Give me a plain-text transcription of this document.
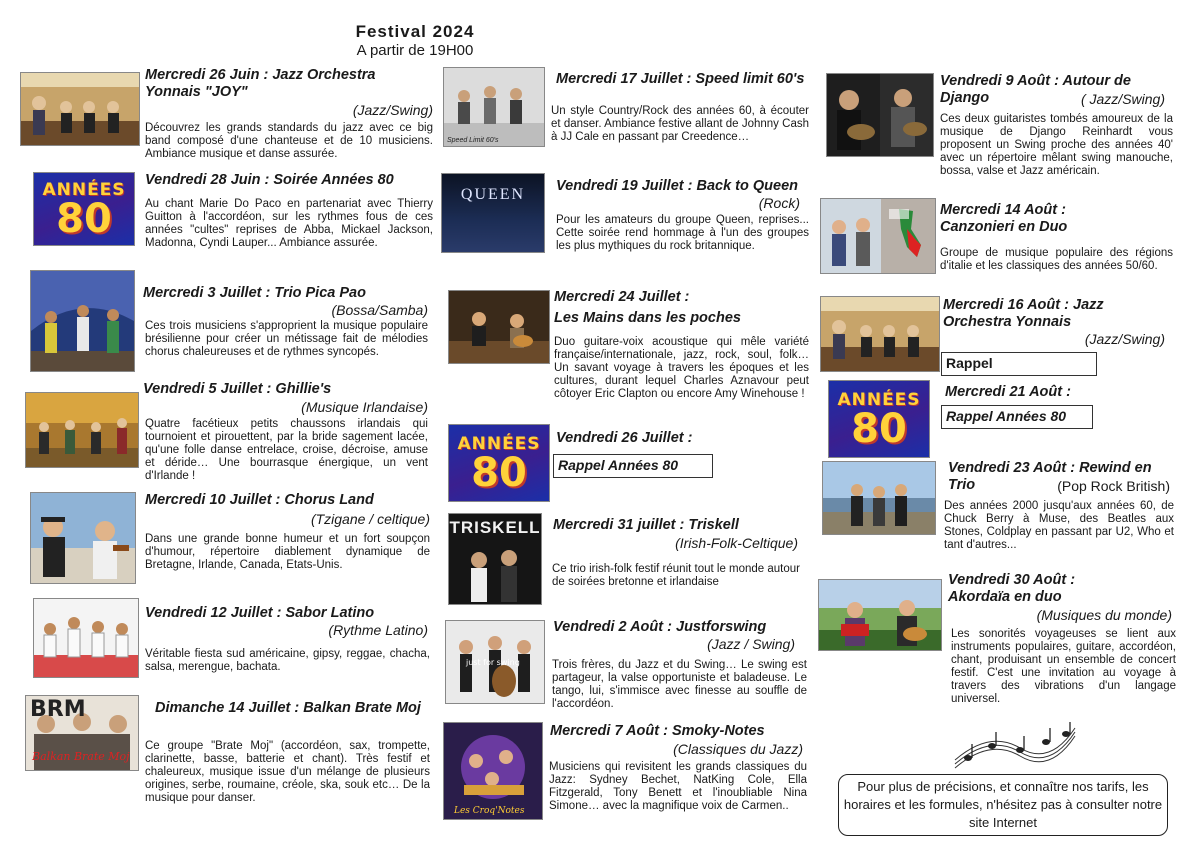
Festival 2024
A partir de 19H00
Mercredi 26 Juin : Jazz Orchestra Yonnais "JOY"
(Jazz/Swing)
Découvrez les grands standards du jazz avec ce big band composé d'une chanteuse et de 10 musiciens. Ambiance musique et danse assurée.
ANNÉES
80
Vendredi 28 Juin : Soirée Années 80
Au chant Marie Do Paco en partenariat avec Thierry Guitton à l'accordéon, sur les rythmes fous de ces années "cultes" reprises de Abba, Mickael Jackson, Madonna, Cyndi Lauper... Ambiance assurée.
Mercredi 3 Juillet : Trio Pica Pao
(Bossa/Samba)
Ces trois musiciens s'approprient la musique populaire brésilienne pour créer un métissage fait de mélodies chorus chaleureuses et de rythmes syncopés.
Vendredi 5 Juillet : Ghillie's
(Musique Irlandaise)
Quatre facétieux petits chaussons irlandais qui tournoient et pirouettent, par la bride sagement lacée, qu'une folle danse entrelace, croise, décroise, amuse et déride… Une bourrasque énergique, un vent d'Irlande !
Mercredi 10 Juillet : Chorus Land
(Tzigane / celtique)
Dans une grande bonne humeur et un fort soupçon d'humour, répertoire diablement dynamique de Bretagne, Irlande, Canada, Etats-Unis.
Vendredi 12 Juillet : Sabor Latino
(Rythme Latino)
Véritable fiesta sud américaine, gipsy, reggae, chacha, salsa, merengue, bachata.
BRM
Balkan Brate Moj
Dimanche 14 Juillet : Balkan Brate Moj
Ce groupe "Brate Moj" (accordéon, sax, trompette, clarinette, basse, batterie et chant). Très festif et chaleureux, musique issue d'un mélange de plusieurs origines, serbe, roumaine, créole, ska, souk etc… De la musique pour danser.
Speed Limit 60's
Mercredi 17 Juillet : Speed limit 60's
Un style Country/Rock des années 60, à écouter et danser. Ambiance festive allant de Johnny Cash à JJ Cale en passant par Creedence…
QUEEN Vendredi 19 Juillet : Back to Queen
(Rock)
Pour les amateurs du groupe Queen, reprises... Cette soirée rend hommage à l'un des groupes les plus mythiques du rock britannique.
Mercredi 24 Juillet :
Les Mains dans les poches
Duo guitare-voix acoustique qui mêle variété française/internationale, jazz, rock, soul, folk… Un savant voyage à travers les époques et les cultures, durant lequel Charles Aznavour peut côtoyer Eric Clapton ou encore Amy Winehouse !
ANNÉES
80
Vendredi 26 Juillet :
Rappel Années 80
TRISKELL Mercredi 31 juillet : Triskell
(Irish-Folk-Celtique)
Ce trio irish-folk festif réunit tout le monde autour de soirées bretonne et irlandaise
just for swing
Vendredi 2 Août : Justforswing
(Jazz / Swing)
Trois frères, du Jazz et du Swing… Le swing est partageur, la valse opportuniste et baladeuse. Le tango, lui, s'immisce avec finesse au souffle de l'accordéon.
Les Croq'Notes
Mercredi 7 Août : Smoky-Notes
(Classiques du Jazz)
Musiciens qui revisitent les grands classiques du Jazz: Sydney Bechet, NatKing Cole, Ella Fitzgerald, Tony Benett et l'inoubliable Nina Simone… avec la magnifique voix de Carmen..
Vendredi 9 Août : Autour de Django	( Jazz/Swing)
Ces deux guitaristes tombés amoureux de la musique de Django Reinhardt vous proposent un Swing proche des années 40' avec un répertoire mêlant swing manouche, bossa, valse et Jazz américain.
Mercredi 14 Août :
Canzonieri en Duo
Groupe de musique populaire des régions d'italie et les classiques des années 50/60.
Mercredi 16 Août : Jazz Orchestra Yonnais
(Jazz/Swing)
Rappel
ANNÉES
80
Mercredi 21 Août :
Rappel Années 80
Vendredi 23 Août : Rewind en Trio	(Pop Rock British)
Des années 2000 jusqu'aux années 60, de Chuck Berry à Muse, des Beatles aux Stones, Coldplay en passant par U2, Who et tant d'autres...
Vendredi 30 Août :
Akordaïa en duo
(Musiques du monde)
Les sonorités voyageuses se lient aux instruments populaires, guitare, accordéon, chant, produisant un ensemble de concert festif. C'est une invitation au voyage à travers des vibrations d'un langage universel.
Pour plus de précisions, et connaître nos tarifs, les horaires et les formules, n'hésitez pas à consulter notre site Internet
